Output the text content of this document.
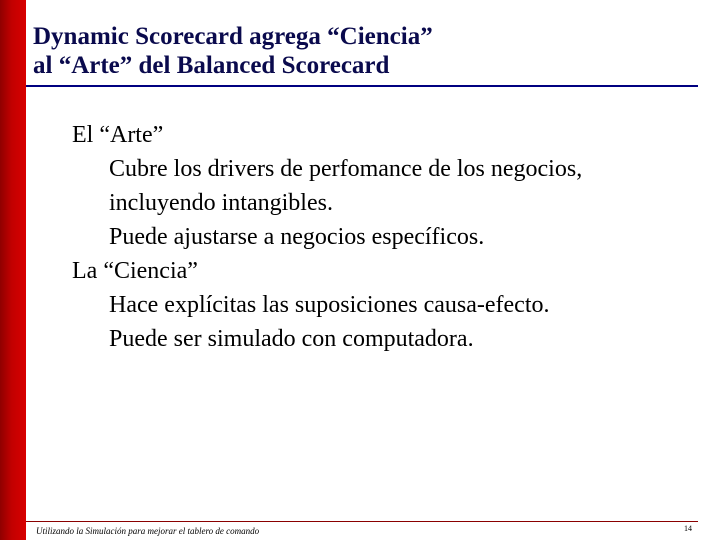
Dynamic Scorecard agrega “Ciencia”
al “Arte” del Balanced Scorecard
El “Arte”
Cubre los drivers de perfomance de los negocios,
incluyendo intangibles.
Puede ajustarse a negocios específicos.
La “Ciencia”
Hace explícitas las suposiciones causa-efecto.
Puede ser simulado con computadora.
Utilizando la Simulación para mejorar el tablero de comando	14
